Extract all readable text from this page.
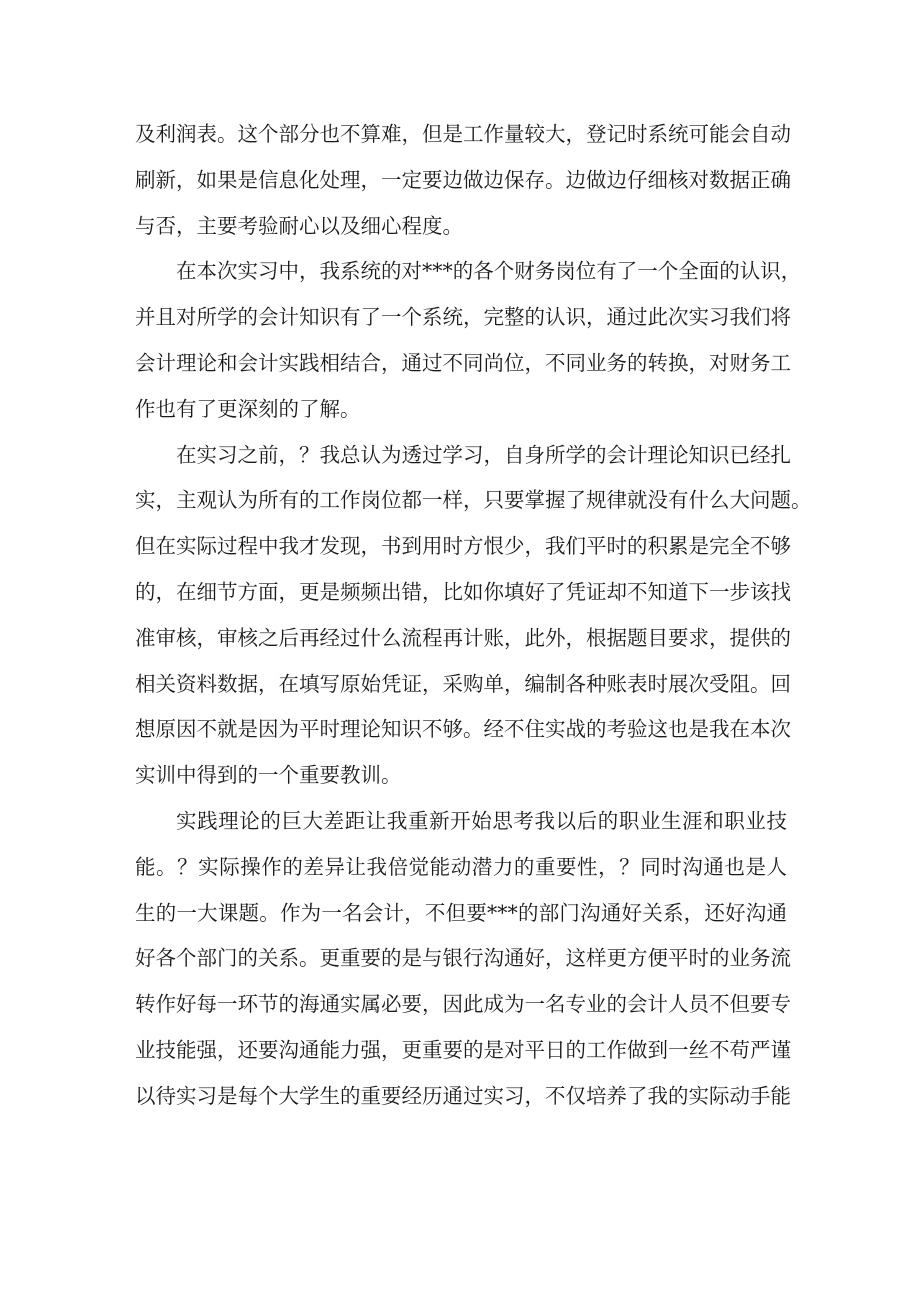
及利润表。这个部分也不算难，但是工作量较大，登记时系统可能会自动
刷新，如果是信息化处理，一定要边做边保存。边做边仔细核对数据正确
与否，主要考验耐心以及细心程度。

在本次实习中，我系统的对***的各个财务岗位有了一个全面的认识，
并且对所学的会计知识有了一个系统，完整的认识，通过此次实习我们将
会计理论和会计实践相结合，通过不同尚位，不同业务的转换，对财务工
作也有了更深刻的了解。

在实习之前，？我总认为透过学习，自身所学的会计理论知识已经扎
实，主观认为所有的工作岗位都一样，只要掌握了规律就没有什么大问题。
但在实际过程中我才发现，书到用时方恨少，我们平时的积累是完全不够
的，在细节方面，更是频频出错，比如你填好了凭证却不知道下一步该找
准审核，审核之后再经过什么流程再计账，此外，根据题目要求，提供的
相关资料数据，在填写原始凭证，采购单，编制各种账表时展次受阻。回
想原因不就是因为平时理论知识不够。经不住实战的考验这也是我在本次
实训中得到的一个重要教训。

实践理论的巨大差距让我重新开始思考我以后的职业生涯和职业技
能。？实际操作的差异让我倍觉能动潜力的重要性，？同时沟通也是人
生的一大课题。作为一名会计，不但要***的部门沟通好关系，还好沟通
好各个部门的关系。更重要的是与银行沟通好，这样更方便平时的业务流
转作好每一环节的海通实属必要，因此成为一名专业的会计人员不但要专
业技能强，还要沟通能力强，更重要的是对平日的工作做到一丝不苟严谨
以待实习是每个大学生的重要经历通过实习，不仅培养了我的实际动手能
